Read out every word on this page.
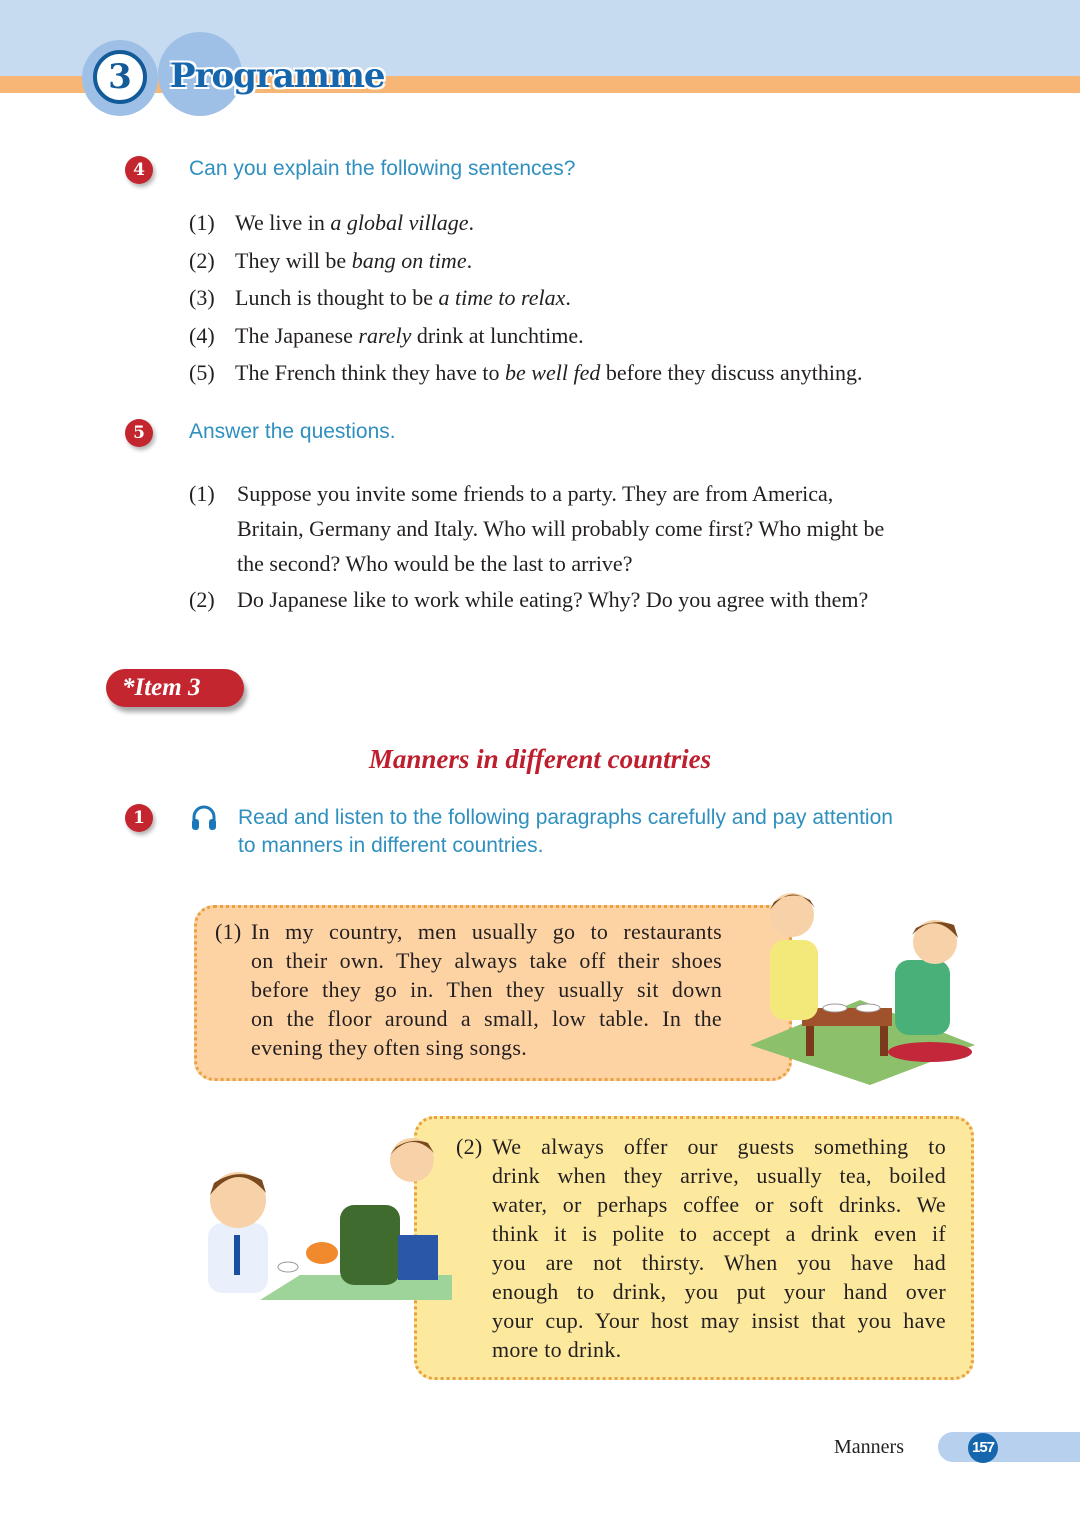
3	Programme
4	Can you explain the following sentences?
(1) We live in a global village.
(2) They will be bang on time.
(3) Lunch is thought to be a time to relax.
(4) The Japanese rarely drink at lunchtime.
(5) The French think they have to be well fed before they discuss anything.
5	Answer the questions.
(1) Suppose you invite some friends to a party. They are from America,
Britain, Germany and Italy. Who will probably come first? Who might be
the second? Who would be the last to arrive?
(2) Do Japanese like to work while eating? Why? Do you agree with them?
*Item 3
Manners in different countries
1	Read and listen to the following paragraphs carefully and pay attention
to manners in different countries.
(1) In my country, men usually go to restaurants
on their own. They always take off their shoes
before they go in. Then they usually sit down
on the floor around a small, low table. In the
evening they often sing songs.
(2) We always offer our guests something to
drink when they arrive, usually tea, boiled
water, or perhaps coffee or soft drinks. We
think it is polite to accept a drink even if
you are not thirsty. When you have had
enough to drink, you put your hand over
your cup. Your host may insist that you have
more to drink.
Manners	157
